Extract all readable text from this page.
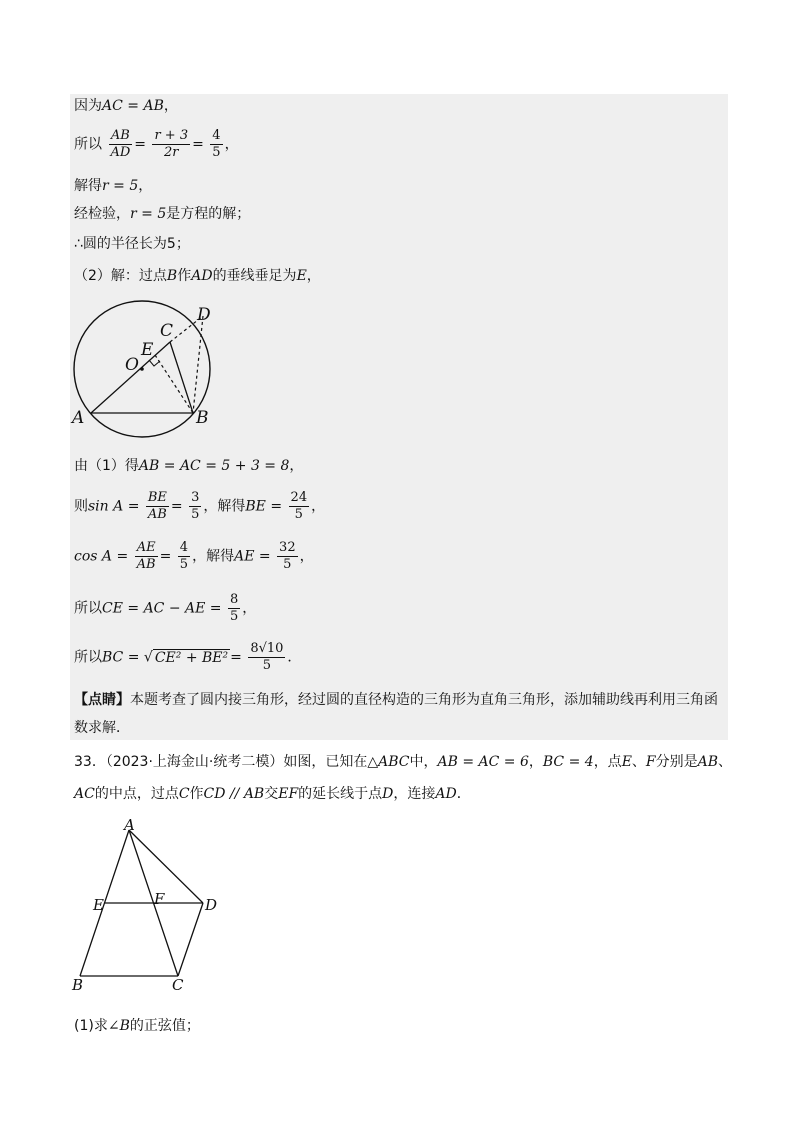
因为AC = AB，
所以 $\frac{AB}{AD} = \frac{r + 3}{2r} = \frac{4}{5}$ ，
解得r = 5，
经检验，r = 5是方程的解；
∴圆的半径长为5；
（2）解：过点B作AD的垂线垂足为E，
D
C
E
O
A	B
由（1）得AB = AC = 5 + 3 = 8，
则$\sin A = \frac{BE}{AB} = \frac{3}{5}$ ，解得BE = $\frac{24}{5}$ ，
$\cos A = \frac{AE}{AB} = \frac{4}{5}$ ，解得AE = $\frac{32}{5}$ ，
所以CE = AC − AE = $\frac{8}{5}$ ，
所以BC = √ $CE^2 + BE^2 = \frac{8√10}{5}$ ．
【点睛】本题考查了圆内接三角形，经过圆的直径构造的三角形为直角三角形，添加辅助线再利用三角函
数求解．
33．（2023·上海金山·统考二模）如图，已知在△ABC中，AB = AC = 6，BC = 4，点E、F分别是AB、
AC的中点，过点C作CD // AB交EF的延长线于点D，连接AD．
A
E	F	D
B	C
(1)求∠B的正弦值；
